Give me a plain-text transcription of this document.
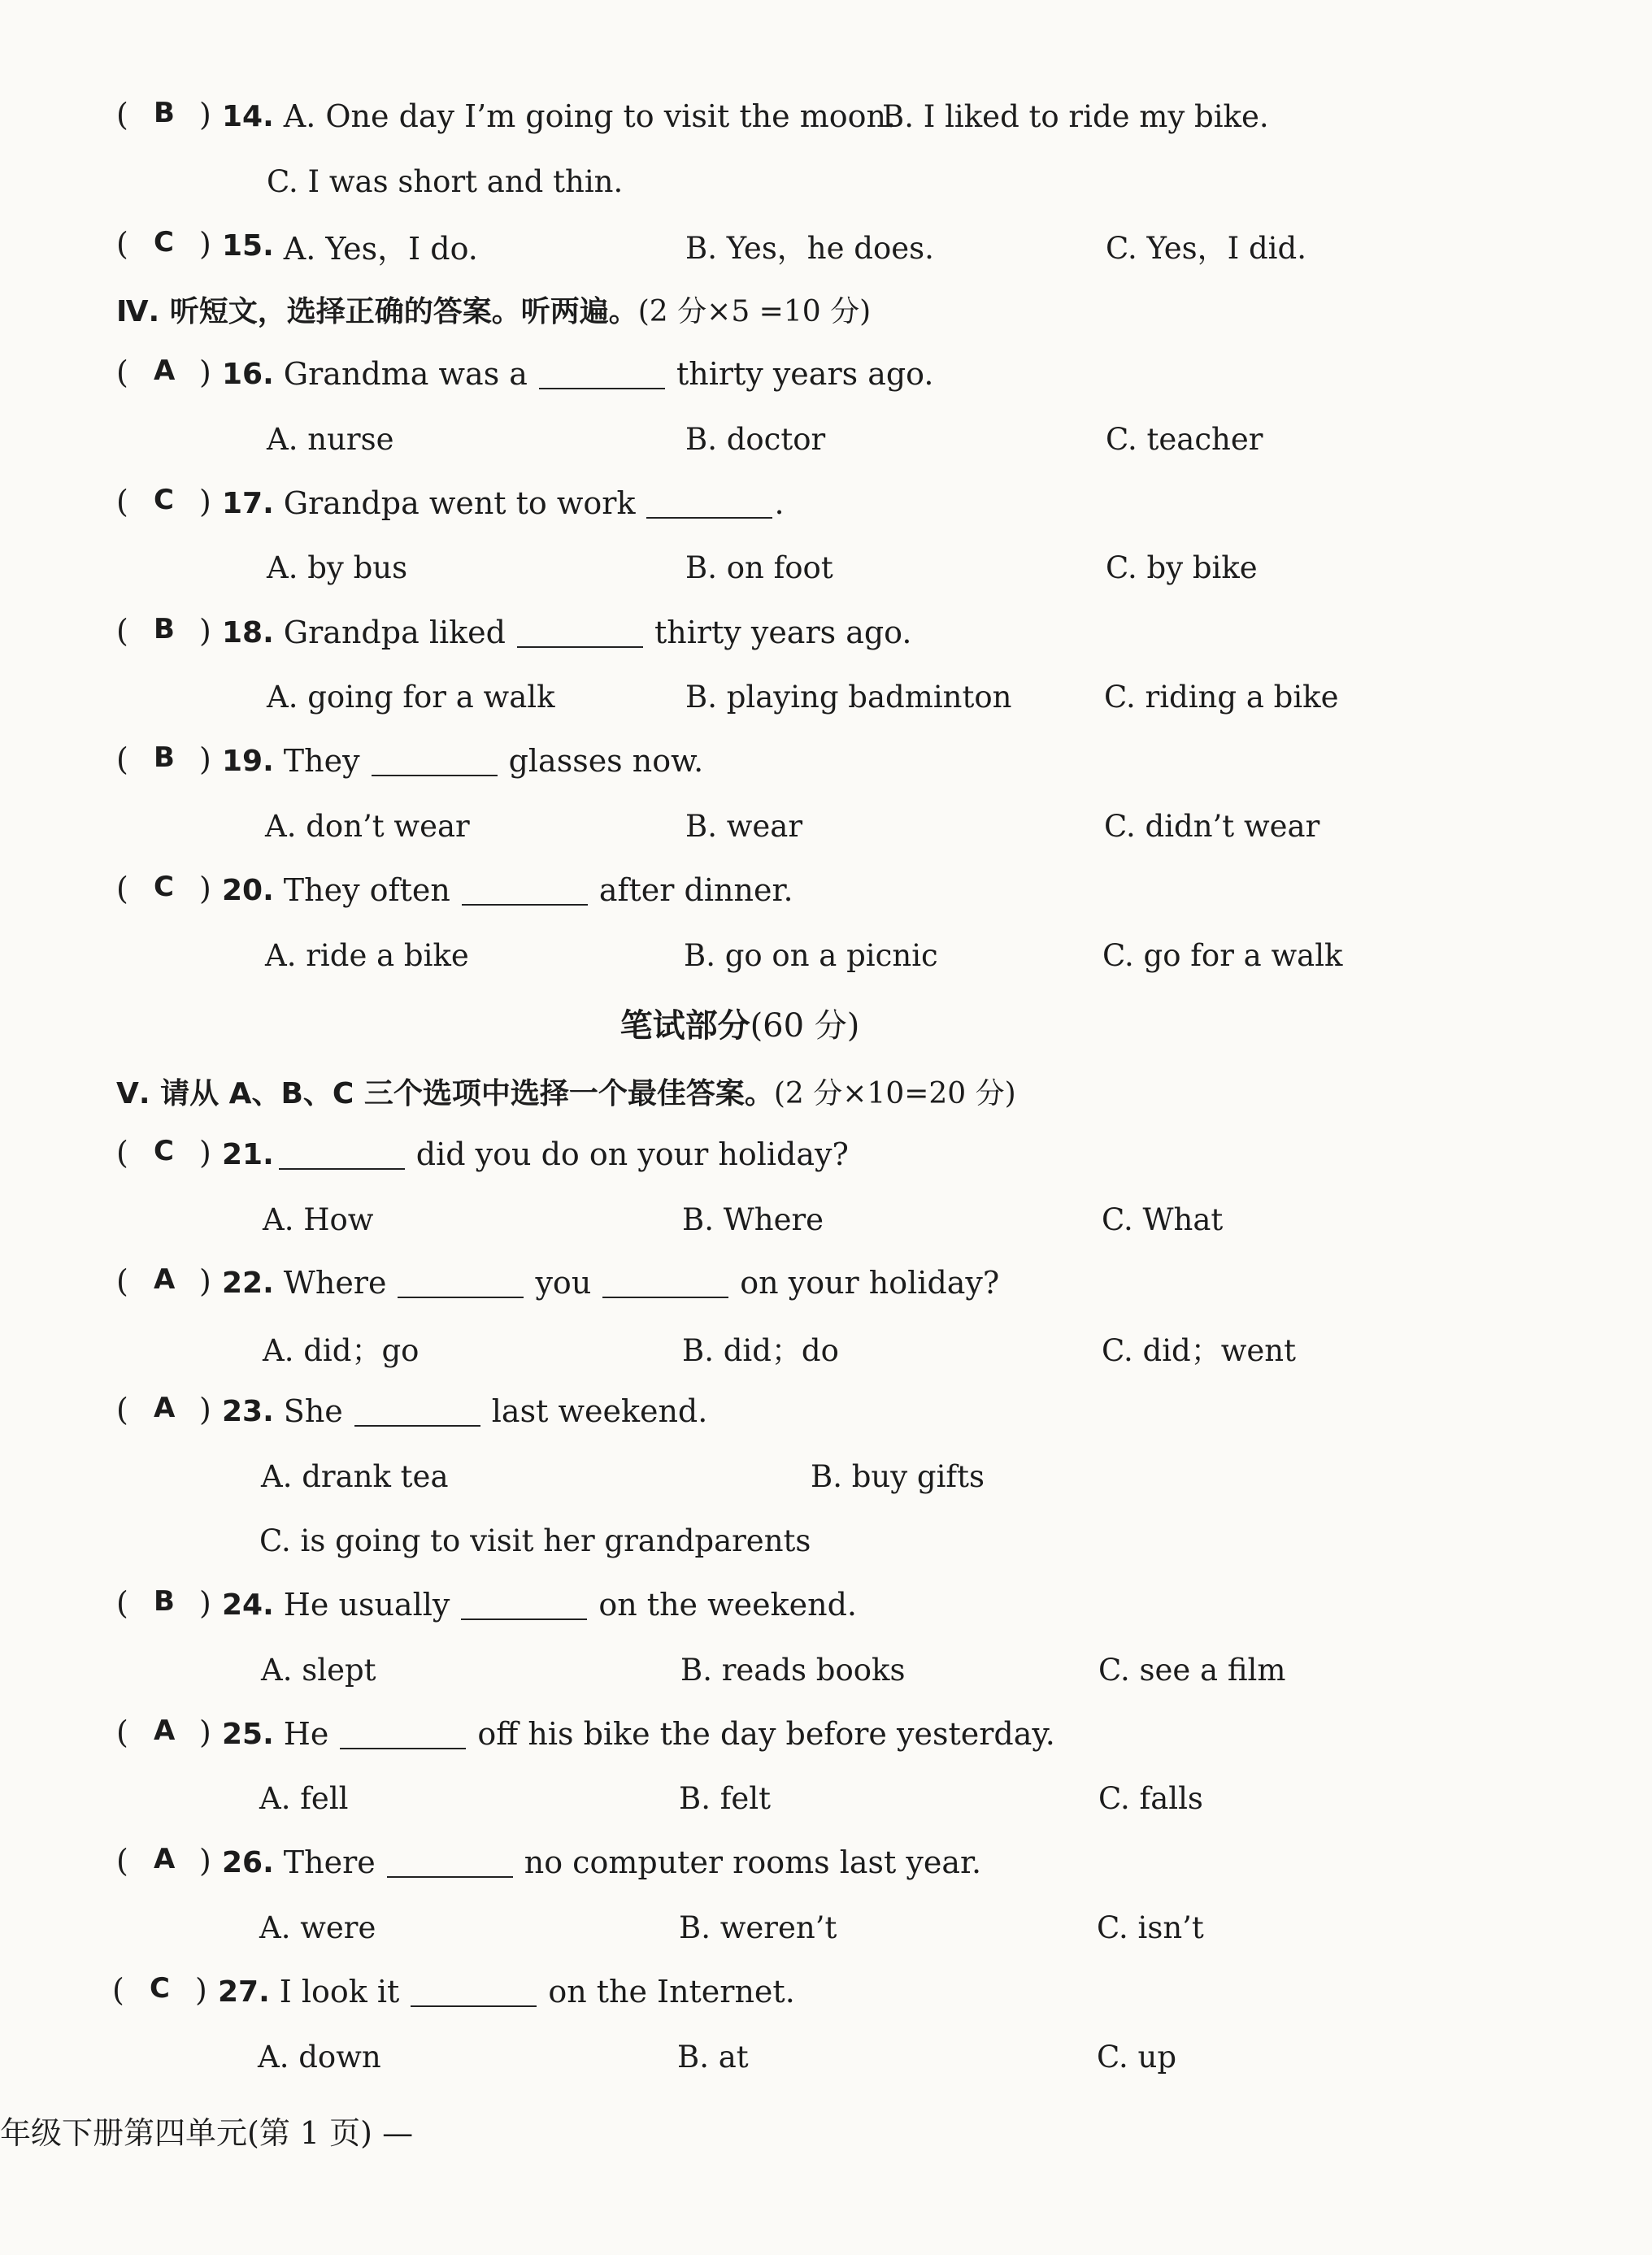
( B ) 14. A. One day I’m going to visit the moon.
B. I liked to ride my bike.
C. I was short and thin.
( C ) 15. A. Yes，I do.	B. Yes，he does.	C. Yes，I did.
Ⅳ. 听短文，选择正确的答案。听两遍。 (2 分×5 =10 分)
( A ) 16. Grandma was a	thirty years ago.
A. nurse	B. doctor	C. teacher
( C ) 17. Grandpa went to work	.
A. by bus	B. on foot	C. by bike
( B ) 18. Grandpa liked	thirty years ago.
A. going for a walk	B. playing badminton	C. riding a bike
( B ) 19. They	glasses now.
A. don’t wear	B. wear	C. didn’t wear
( C ) 20. They often	after dinner.
A. ride a bike	B. go on a picnic	C. go for a walk
笔试部分 (60 分)
Ⅴ. 请从 A、B、C 三个选项中选择一个最佳答案。 (2 分×10=20 分)
( C ) 21.	did you do on your holiday?
A. How	B. Where	C. What
( A ) 22. Where	you	on your holiday?
A. did；go	B. did；do	C. did；went
( A ) 23. She	last weekend.
A. drank tea	B. buy gifts
C. is going to visit her grandparents
( B ) 24. He usually	on the weekend.
A. slept	B. reads books	C. see a film
( A ) 25. He	off his bike the day before yesterday.
A. fell	B. felt	C. falls
( A ) 26. There	no computer rooms last year.
A. were	B. weren’t	C. isn’t
( C ) 27. I look it	on the Internet.
A. down	B. at	C. up
年级下册第四单元(第 1 页) —
